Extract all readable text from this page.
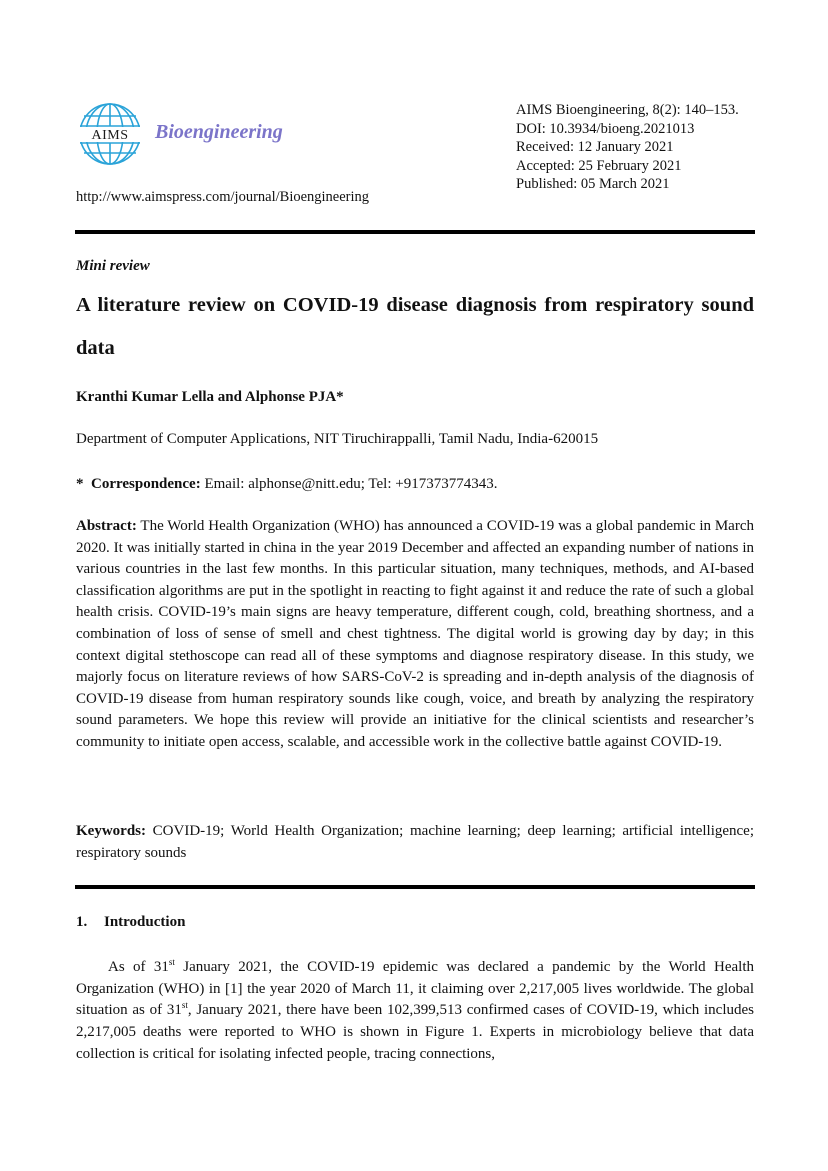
AIMS Bioengineering
http://www.aimspress.com/journal/Bioengineering
AIMS Bioengineering, 8(2): 140–153.
DOI: 10.3934/bioeng.2021013
Received: 12 January 2021
Accepted: 25 February 2021
Published: 05 March 2021
Mini review
A literature review on COVID-19 disease diagnosis from respiratory sound data
Kranthi Kumar Lella and Alphonse PJA*
Department of Computer Applications, NIT Tiruchirappalli, Tamil Nadu, India-620015
* Correspondence: Email: alphonse@nitt.edu; Tel: +917373774343.
Abstract: The World Health Organization (WHO) has announced a COVID-19 was a global pandemic in March 2020. It was initially started in china in the year 2019 December and affected an expanding number of nations in various countries in the last few months. In this particular situation, many techniques, methods, and AI-based classification algorithms are put in the spotlight in reacting to fight against it and reduce the rate of such a global health crisis. COVID-19’s main signs are heavy temperature, different cough, cold, breathing shortness, and a combination of loss of sense of smell and chest tightness. The digital world is growing day by day; in this context digital stethoscope can read all of these symptoms and diagnose respiratory disease. In this study, we majorly focus on literature reviews of how SARS-CoV-2 is spreading and in-depth analysis of the diagnosis of COVID-19 disease from human respiratory sounds like cough, voice, and breath by analyzing the respiratory sound parameters. We hope this review will provide an initiative for the clinical scientists and researcher’s community to initiate open access, scalable, and accessible work in the collective battle against COVID-19.
Keywords: COVID-19; World Health Organization; machine learning; deep learning; artificial intelligence; respiratory sounds
1. Introduction
As of 31st January 2021, the COVID-19 epidemic was declared a pandemic by the World Health Organization (WHO) in [1] the year 2020 of March 11, it claiming over 2,217,005 lives worldwide. The global situation as of 31st, January 2021, there have been 102,399,513 confirmed cases of COVID-19, which includes 2,217,005 deaths were reported to WHO is shown in Figure 1. Experts in microbiology believe that data collection is critical for isolating infected people, tracing connections,
